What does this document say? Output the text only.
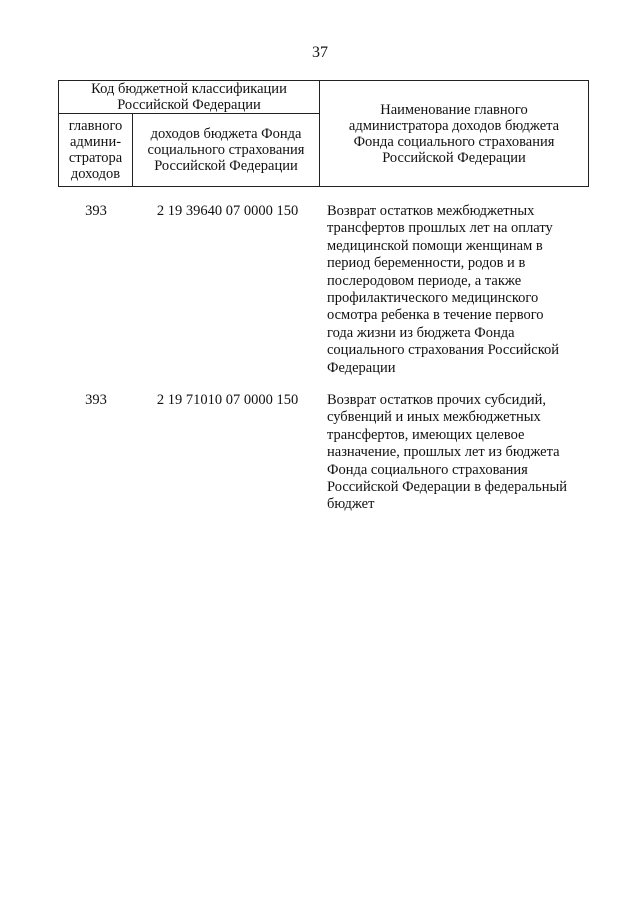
37
Код бюджетной классификации
Российской Федерации		Наименование главного
администратора доходов бюджета
Фонда социального страхования
Российской Федерации

главного
админи-
стратора
доходов	доходов бюджета Фонда
социального страхования
Российской Федерации	
393	2 19 39640 07 0000 150	Возврат остатков межбюджетных
трансфертов прошлых лет на оплату
медицинской помощи женщинам в
период беременности, родов и в
послеродовом периоде, а также
профилактического медицинского
осмотра ребенка в течение первого
года жизни из бюджета Фонда
социального страхования Российской
Федерации
393	2 19 71010 07 0000 150	Возврат остатков прочих субсидий,
субвенций и иных межбюджетных
трансфертов, имеющих целевое
назначение, прошлых лет из бюджета
Фонда социального страхования
Российской Федерации в федеральный
бюджет
